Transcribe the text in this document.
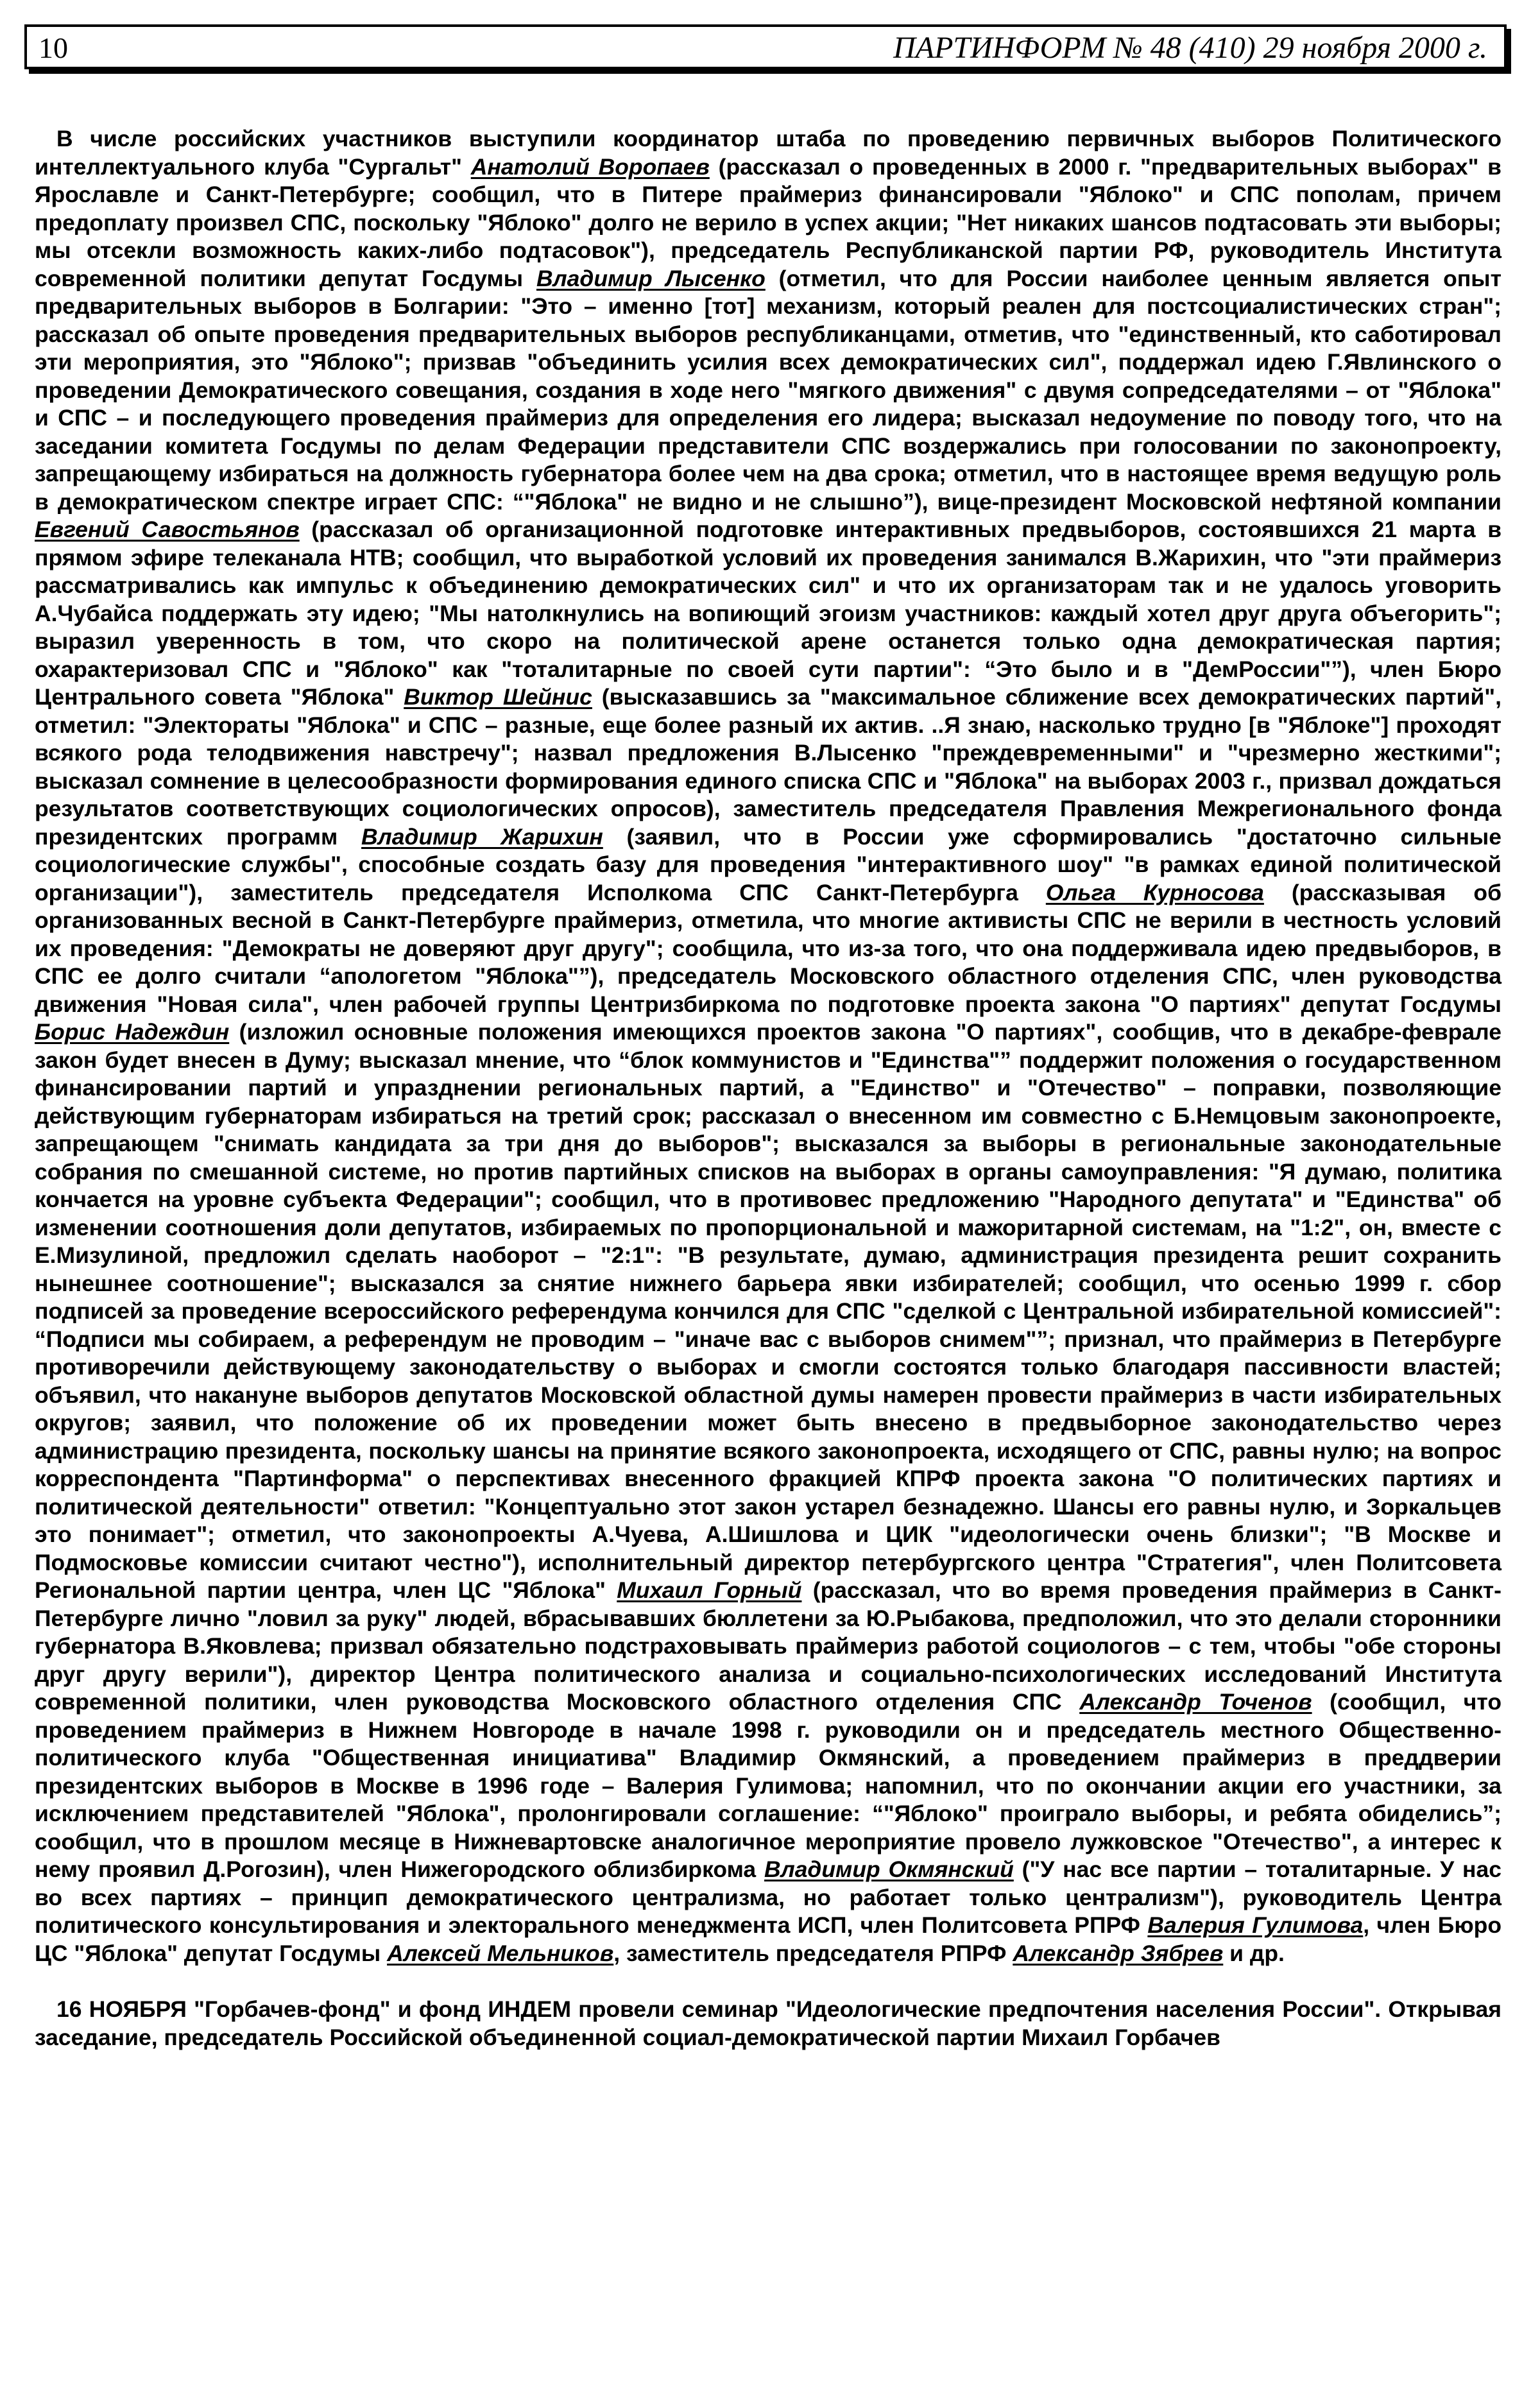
10	ПАРТИНФОРМ № 48 (410) 29 ноября 2000 г.

В числе российских участников выступили координатор штаба по проведению первичных выборов Политического интеллектуального клуба "Сургальт" Анатолий Воропаев (рассказал о проведенных в 2000 г. "предварительных выборах" в Ярославле и Санкт-Петербурге; сообщил, что в Питере праймериз финансировали "Яблоко" и СПС пополам, причем предоплату произвел СПС, поскольку "Яблоко" долго не верило в успех акции; "Нет никаких шансов подтасовать эти выборы; мы отсекли возможность каких-либо подтасовок"), председатель Республиканской партии РФ, руководитель Института современной политики депутат Госдумы Владимир Лысенко (отметил, что для России наиболее ценным является опыт предварительных выборов в Болгарии: "Это – именно [тот] механизм, который реален для постсоциалистических стран"; рассказал об опыте проведения предварительных выборов республиканцами, отметив, что "единственный, кто саботировал эти мероприятия, это "Яблоко"; призвав "объединить усилия всех демократических сил", поддержал идею Г.Явлинского о проведении Демократического совещания, создания в ходе него "мягкого движения" с двумя сопредседателями – от "Яблока" и СПС – и последующего проведения праймериз для определения его лидера; высказал недоумение по поводу того, что на заседании комитета Госдумы по делам Федерации представители СПС воздержались при голосовании по законопроекту, запрещающему избираться на должность губернатора более чем на два срока; отметил, что в настоящее время ведущую роль в демократическом спектре играет СПС: “"Яблока" не видно и не слышно”), вице-президент Московской нефтяной компании Евгений Савостьянов (рассказал об организационной подготовке интерактивных предвыборов, состоявшихся 21 марта в прямом эфире телеканала НТВ; сообщил, что выработкой условий их проведения занимался В.Жарихин, что "эти праймериз рассматривались как импульс к объединению демократических сил" и что их организаторам так и не удалось уговорить А.Чубайса поддержать эту идею; "Мы натолкнулись на вопиющий эгоизм участников: каждый хотел друг друга объегорить"; выразил уверенность в том, что скоро на политической арене останется только одна демократическая партия; охарактеризовал СПС и "Яблоко" как "тоталитарные по своей сути партии": “Это было и в "ДемРоссии"”), член Бюро Центрального совета "Яблока" Виктор Шейнис (высказавшись за "максимальное сближение всех демократических партий", отметил: "Электораты "Яблока" и СПС – разные, еще более разный их актив. ..Я знаю, насколько трудно [в "Яблоке"] проходят всякого рода телодвижения навстречу"; назвал предложения В.Лысенко "преждевременными" и "чрезмерно жесткими"; высказал сомнение в целесообразности формирования единого списка СПС и "Яблока" на выборах 2003 г., призвал дождаться результатов соответствующих социологических опросов), заместитель председателя Правления Межрегионального фонда президентских программ Владимир Жарихин (заявил, что в России уже сформировались "достаточно сильные социологические службы", способные создать базу для проведения "интерактивного шоу" "в рамках единой политической организации"), заместитель председателя Исполкома СПС Санкт-Петербурга Ольга Курносова (рассказывая об организованных весной в Санкт-Петербурге праймериз, отметила, что многие активисты СПС не верили в честность условий их проведения: "Демократы не доверяют друг другу"; сообщила, что из-за того, что она поддерживала идею предвыборов, в СПС ее долго считали “апологетом "Яблока"”), председатель Московского областного отделения СПС, член руководства движения "Новая сила", член рабочей группы Центризбиркома по подготовке проекта закона "О партиях" депутат Госдумы Борис Надеждин (изложил основные положения имеющихся проектов закона "О партиях", сообщив, что в декабре-феврале закон будет внесен в Думу; высказал мнение, что “блок коммунистов и "Единства"” поддержит положения о государственном финансировании партий и упразднении региональных партий, а "Единство" и "Отечество" – поправки, позволяющие действующим губернаторам избираться на третий срок; рассказал о внесенном им совместно с Б.Немцовым законопроекте, запрещающем "снимать кандидата за три дня до выборов"; высказался за выборы в региональные законодательные собрания по смешанной системе, но против партийных списков на выборах в органы самоуправления: "Я думаю, политика кончается на уровне субъекта Федерации"; сообщил, что в противовес предложению "Народного депутата" и "Единства" об изменении соотношения доли депутатов, избираемых по пропорциональной и мажоритарной системам, на "1:2", он, вместе с Е.Мизулиной, предложил сделать наоборот – "2:1": "В результате, думаю, администрация президента решит сохранить нынешнее соотношение"; высказался за снятие нижнего барьера явки избирателей; сообщил, что осенью 1999 г. сбор подписей за проведение всероссийского референдума кончился для СПС "сделкой с Центральной избирательной комиссией": “Подписи мы собираем, а референдум не проводим – "иначе вас с выборов снимем"”; признал, что праймериз в Петербурге противоречили действующему законодательству о выборах и смогли состоятся только благодаря пассивности властей; объявил, что накануне выборов депутатов Московской областной думы намерен провести праймериз в части избирательных округов; заявил, что положение об их проведении может быть внесено в предвыборное законодательство через администрацию президента, поскольку шансы на принятие всякого законопроекта, исходящего от СПС, равны нулю; на вопрос корреспондента "Партинформа" о перспективах внесенного фракцией КПРФ проекта закона "О политических партиях и политической деятельности" ответил: "Концептуально этот закон устарел безнадежно. Шансы его равны нулю, и Зоркальцев это понимает"; отметил, что законопроекты А.Чуева, А.Шишлова и ЦИК "идеологически очень близки"; "В Москве и Подмосковье комиссии считают честно"), исполнительный директор петербургского центра "Стратегия", член Политсовета Региональной партии центра, член ЦС "Яблока" Михаил Горный (рассказал, что во время проведения праймериз в Санкт-Петербурге лично "ловил за руку" людей, вбрасывавших бюллетени за Ю.Рыбакова, предположил, что это делали сторонники губернатора В.Яковлева; призвал обязательно подстраховывать праймериз работой социологов – с тем, чтобы "обе стороны друг другу верили"), директор Центра политического анализа и социально-психологических исследований Института современной политики, член руководства Московского областного отделения СПС Александр Точенов (сообщил, что проведением праймериз в Нижнем Новгороде в начале 1998 г. руководили он и председатель местного Общественно-политического клуба "Общественная инициатива" Владимир Окмянский, а проведением праймериз в преддверии президентских выборов в Москве в 1996 годе – Валерия Гулимова; напомнил, что по окончании акции его участники, за исключением представителей "Яблока", пролонгировали соглашение: “"Яблоко" проиграло выборы, и ребята обиделись”; сообщил, что в прошлом месяце в Нижневартовске аналогичное мероприятие провело лужковское "Отечество", а интерес к нему проявил Д.Рогозин), член Нижегородского облизбиркома Владимир Окмянский ("У нас все партии – тоталитарные. У нас во всех партиях – принцип демократического централизма, но работает только централизм"), руководитель Центра политического консультирования и электорального менеджмента ИСП, член Политсовета РПРФ Валерия Гулимова, член Бюро ЦС "Яблока" депутат Госдумы Алексей Мельников, заместитель председателя РПРФ Александр Зябрев и др.

16 НОЯБРЯ "Горбачев-фонд" и фонд ИНДЕМ провели семинар "Идеологические предпочтения населения России". Открывая заседание, председатель Российской объединенной социал-демократической партии Михаил Горбачев
